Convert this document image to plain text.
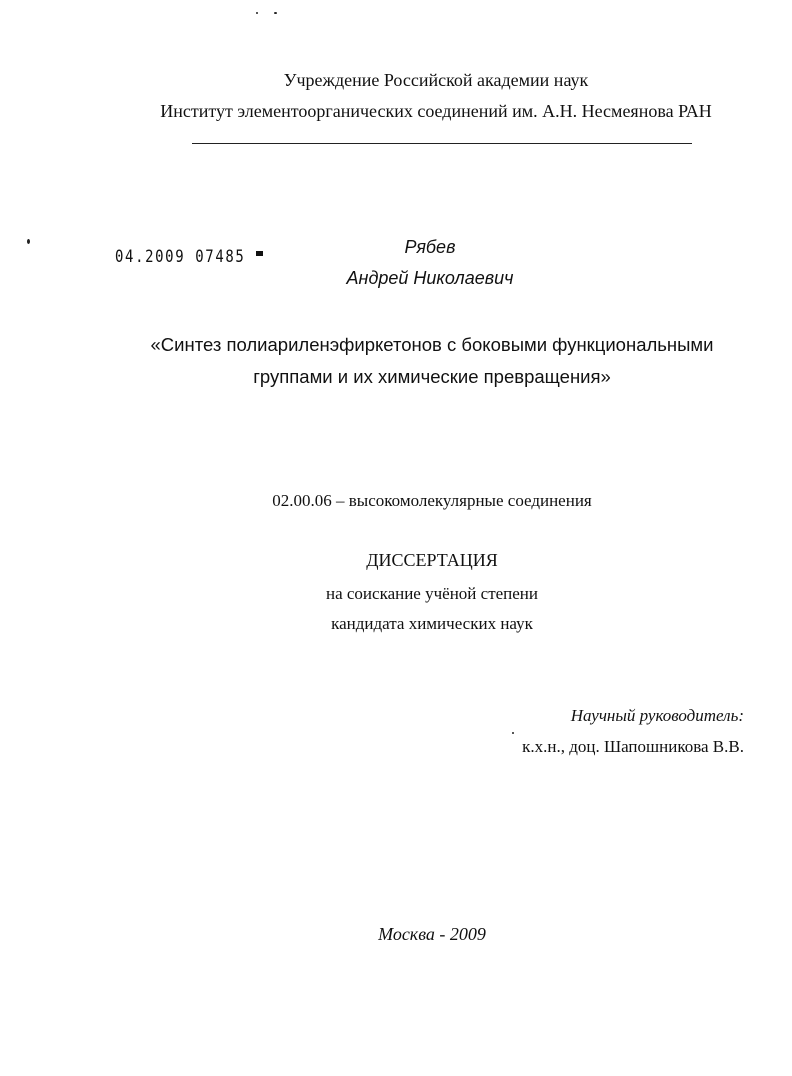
Учреждение Российской академии наук
Институт элементоорганических соединений им. А.Н. Несмеянова РАН
04.2009 07485	Рябев
Андрей Николаевич
«Синтез полиариленэфиркетонов с боковыми функциональными
группами и их химические превращения»
02.00.06 – высокомолекулярные соединения
ДИССЕРТАЦИЯ
на соискание учёной степени
кандидата химических наук
Научный руководитель:
к.х.н., доц. Шапошникова В.В.
Москва - 2009
